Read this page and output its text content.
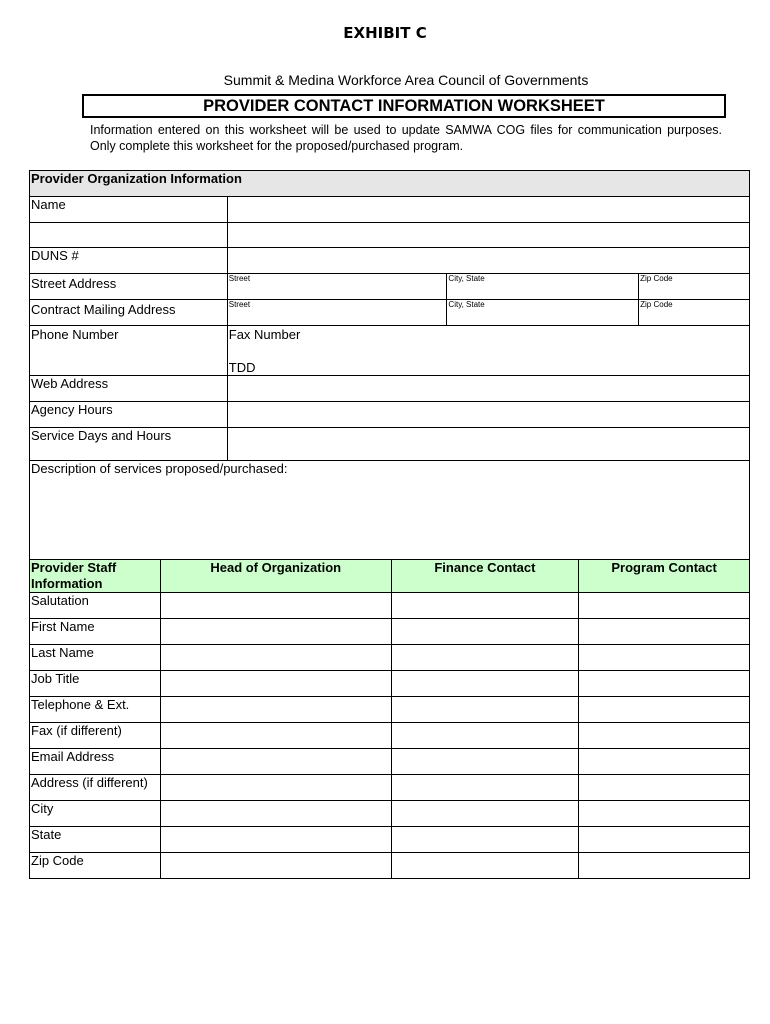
EXHIBIT C
Summit & Medina Workforce Area Council of Governments
PROVIDER CONTACT INFORMATION WORKSHEET
Information entered on this worksheet will be used to update SAMWA COG files for communication purposes. Only complete this worksheet for the proposed/purchased program.
Provider Organization Information			
Name			

DUNS #			
Street Address	Street	City, State	Zip Code
Contract Mailing Address	Street	City, State	Zip Code
Phone Number	Fax Number
TDD		

Web Address			
Agency Hours			
Service Days and Hours			
Description of services proposed/purchased:			
Provider Staff Information	Head of Organization	Finance Contact	Program Contact
Salutation			
First Name			
Last Name			
Job Title			
Telephone & Ext.			
Fax (if different)			
Email Address			
Address (if different)			
City			
State			
Zip Code			
